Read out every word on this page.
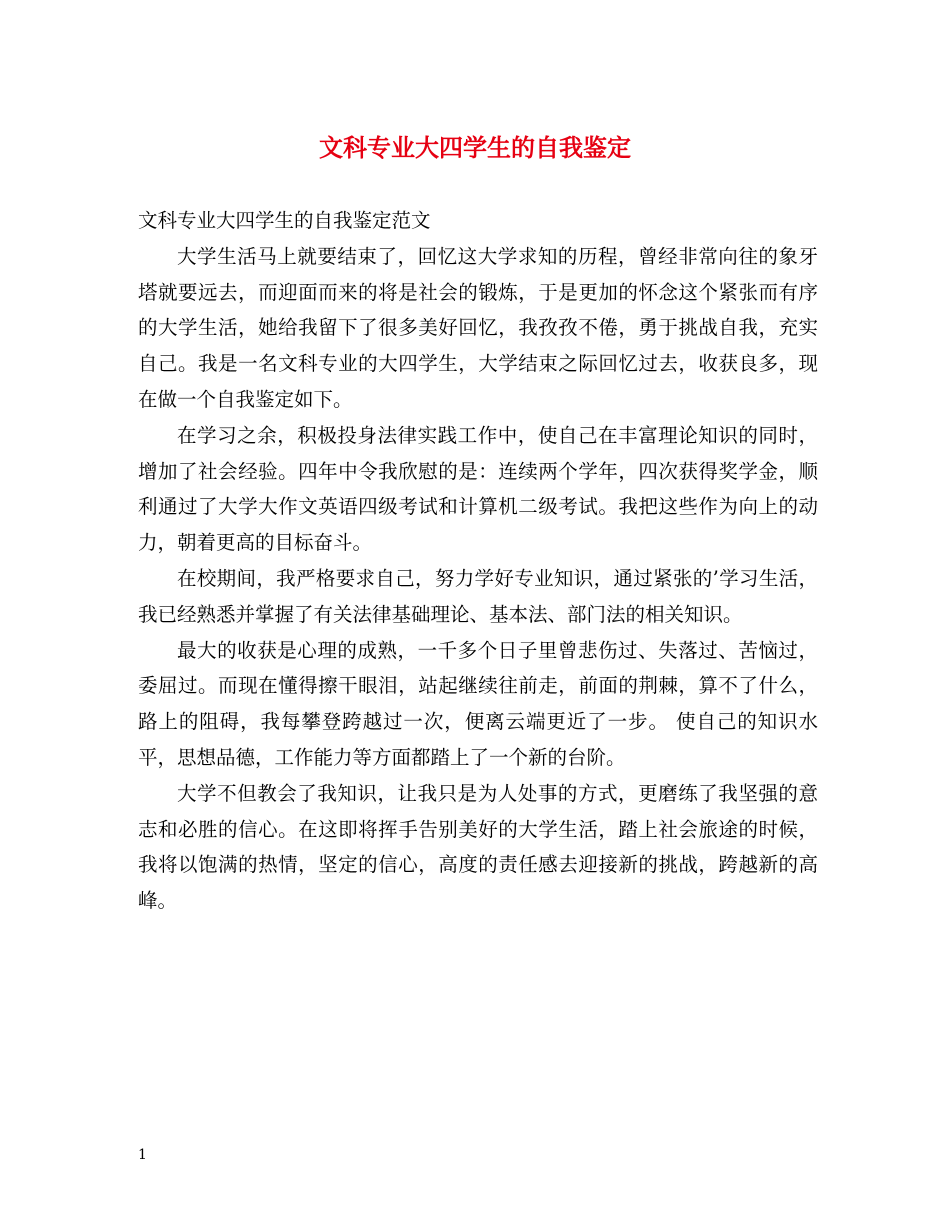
文科专业大四学生的自我鉴定

文科专业大四学生的自我鉴定范文

大学生活马上就要结束了，回忆这大学求知的历程，曾经非常向往的象牙塔就要远去，而迎面而来的将是社会的锻炼，于是更加的怀念这个紧张而有序的大学生活，她给我留下了很多美好回忆，我孜孜不倦，勇于挑战自我，充实自己。我是一名文科专业的大四学生，大学结束之际回忆过去，收获良多，现在做一个自我鉴定如下。

在学习之余，积极投身法律实践工作中，使自己在丰富理论知识的同时，增加了社会经验。四年中令我欣慰的是：连续两个学年，四次获得奖学金，顺利通过了大学大作文英语四级考试和计算机二级考试。我把这些作为向上的动力，朝着更高的目标奋斗。

在校期间，我严格要求自己，努力学好专业知识，通过紧张的’学习生活，我已经熟悉并掌握了有关法律基础理论、基本法、部门法的相关知识。

最大的收获是心理的成熟，一千多个日子里曾悲伤过、失落过、苦恼过，委屈过。而现在懂得擦干眼泪，站起继续往前走，前面的荆棘，算不了什么，路上的阻碍，我每攀登跨越过一次，便离云端更近了一步。 使自己的知识水平，思想品德，工作能力等方面都踏上了一个新的台阶。

大学不但教会了我知识，让我只是为人处事的方式，更磨练了我坚强的意志和必胜的信心。在这即将挥手告别美好的大学生活，踏上社会旅途的时候，我将以饱满的热情，坚定的信心，高度的责任感去迎接新的挑战，跨越新的高峰。

1
